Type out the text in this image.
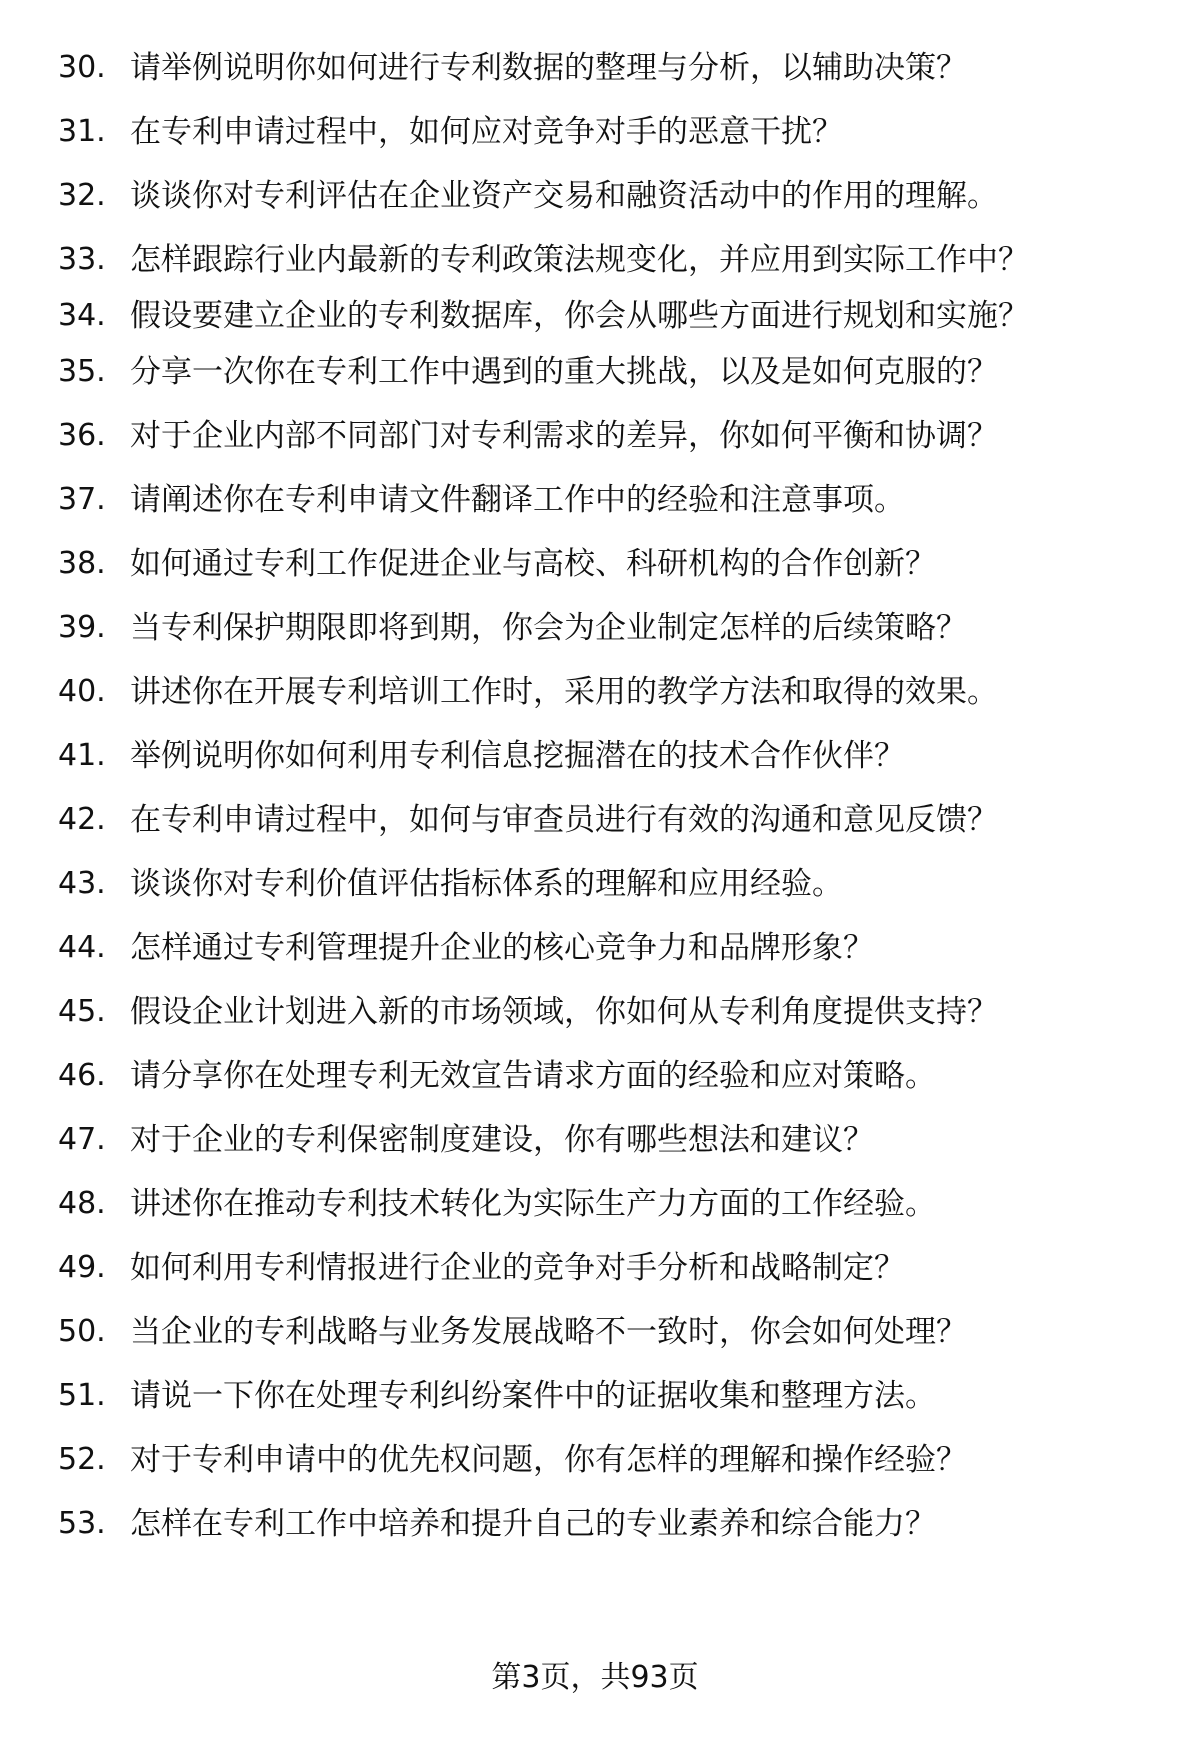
30. 请举例说明你如何进行专利数据的整理与分析，以辅助决策？
31. 在专利申请过程中，如何应对竞争对手的恶意干扰？
32. 谈谈你对专利评估在企业资产交易和融资活动中的作用的理解。
33. 怎样跟踪行业内最新的专利政策法规变化，并应用到实际工作中？
34. 假设要建立企业的专利数据库，你会从哪些方面进行规划和实施？
35. 分享一次你在专利工作中遇到的重大挑战，以及是如何克服的？
36. 对于企业内部不同部门对专利需求的差异，你如何平衡和协调？
37. 请阐述你在专利申请文件翻译工作中的经验和注意事项。
38. 如何通过专利工作促进企业与高校、科研机构的合作创新？
39. 当专利保护期限即将到期，你会为企业制定怎样的后续策略？
40. 讲述你在开展专利培训工作时，采用的教学方法和取得的效果。
41. 举例说明你如何利用专利信息挖掘潜在的技术合作伙伴？
42. 在专利申请过程中，如何与审查员进行有效的沟通和意见反馈？
43. 谈谈你对专利价值评估指标体系的理解和应用经验。
44. 怎样通过专利管理提升企业的核心竞争力和品牌形象？
45. 假设企业计划进入新的市场领域，你如何从专利角度提供支持？
46. 请分享你在处理专利无效宣告请求方面的经验和应对策略。
47. 对于企业的专利保密制度建设，你有哪些想法和建议？
48. 讲述你在推动专利技术转化为实际生产力方面的工作经验。
49. 如何利用专利情报进行企业的竞争对手分析和战略制定？
50. 当企业的专利战略与业务发展战略不一致时，你会如何处理？
51. 请说一下你在处理专利纠纷案件中的证据收集和整理方法。
52. 对于专利申请中的优先权问题，你有怎样的理解和操作经验？
53. 怎样在专利工作中培养和提升自己的专业素养和综合能力？
第3页，共93页
